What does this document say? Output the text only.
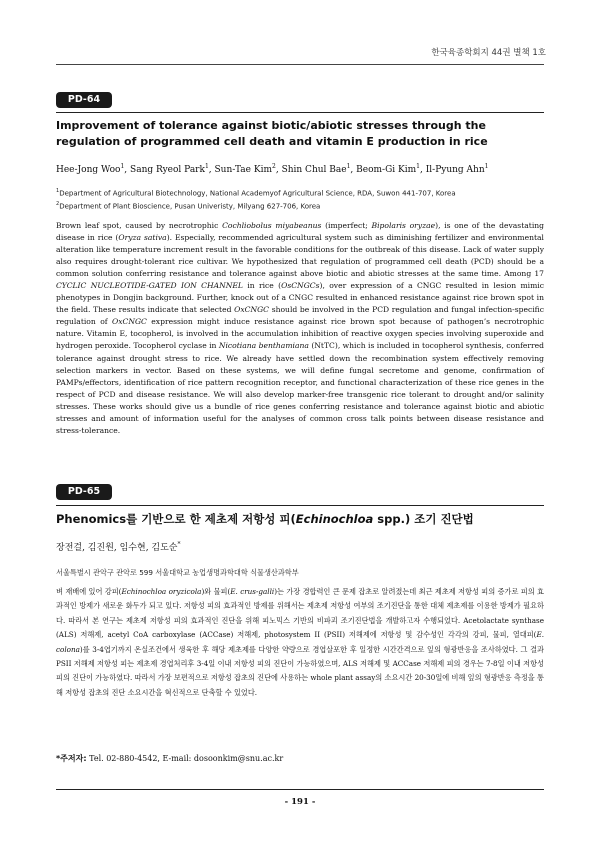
한국육종학회지 44권 별책 1호
PD-64
Improvement of tolerance against biotic/abiotic stresses through the regulation of programmed cell death and vitamin E production in rice
Hee-Jong Woo$^1$, Sang Ryeol Park$^1$, Sun-Tae Kim$^2$, Shin Chul Bae$^1$, Beom-Gi Kim$^1$, Il-Pyung Ahn$^1$
$^1$Department of Agricultural Biotechnology, National Academyof Agricultural Science, RDA, Suwon 441-707, Korea
$^2$Department of Plant Bioscience, Pusan Univeristy, Milyang 627-706, Korea

Brown leaf spot, caused by necrotrophic Cochliobolus miyabeanus (imperfect; Bipolaris oryzae), is one of the devastating disease in rice (Oryza sativa). Especially, recommended agricultural system such as diminishing fertilizer and environmental alteration like temperature increment result in the favorable conditions for the outbreak of this disease. Lack of water supply also requires drought-tolerant rice cultivar. We hypothesized that regulation of programmed cell death (PCD) should be a common solution conferring resistance and tolerance against above biotic and abiotic stresses at the same time. Among 17 CYCLIC NUCLEOTIDE-GATED ION CHANNEL in rice (OsCNGCs), over expression of a CNGC resulted in lesion mimic phenotypes in Dongjin background. Further, knock out of a CNGC resulted in enhanced resistance against rice brown spot in the field. These results indicate that selected OxCNGC should be involved in the PCD regulation and fungal infection-specific regulation of OxCNGC expression might induce resistance against rice brown spot because of pathogen’s necrotrophic nature. Vitamin E, tocopherol, is involved in the accumulation inhibition of reactive oxygen species involving superoxide and hydrogen peroxide. Tocopherol cyclase in Nicotiana benthamiana (NtTC), which is included in tocopherol synthesis, conferred tolerance against drought stress to rice. We already have settled down the recombination system effectively removing selection markers in vector. Based on these systems, we will define fungal secretome and genome, confirmation of PAMPs/effectors, identification of rice pattern recognition receptor, and functional characterization of these rice genes in the respect of PCD and disease resistance. We will also develop marker-free transgenic rice tolerant to drought and/or salinity stresses. These works should give us a bundle of rice genes conferring resistance and tolerance against biotic and abiotic stresses and amount of information useful for the analyses of common cross talk points between disease resistance and stress-tolerance.

PD-65
Phenomics를 기반으로 한 제초제 저항성 피(Echinochloa spp.) 조기 진단법
장전걸, 김진원, 임수현, 김도순*
서울특별시 관악구 관악로 599 서울대학교 농업생명과학대학 식물생산과학부

벼 재배에 있어 강피(Echinochloa oryzicola)와 물피(E. crus-galli)는 가장 경합력인 큰 문제 잡초로 알려졌는데 최근 제초제 저항성 피의 증가로 피의 효과적인 방제가 새로운 화두가 되고 있다. 저항성 피의 효과적인 방제를 위해서는 제초제 저항성 여부의 조기진단을 통한 대체 제초제를 이용한 방제가 필요하다. 따라서 본 연구는 제초제 저항성 피의 효과적인 진단을 위해 피노믹스 기반의 비파괴 조기진단법을 개발하고자 수행되었다. Acetolactate synthase (ALS) 저해제, acetyl CoA carboxylase (ACCase) 저해제, photosystem II (PSII) 저해제에 저항성 및 감수성인 각각의 강피, 물피, 열대피(E. colona)를 3-4엽기까지 온실조건에서 생육한 후 해당 제초제를 다양한 약량으로 경엽살포한 후 일정한 시간간격으로 잎의 형광반응을 조사하였다. 그 결과 PSII 저해제 저항성 피는 제초제 경엽처리후 3-4일 이내 저항성 피의 진단이 가능하였으며, ALS 저해제 및 ACCase 저해제 피의 경우는 7-8일 이내 저항성 피의 진단이 가능하였다. 따라서 가장 보편적으로 저항성 잡초의 진단에 사용하는 whole plant assay의 소요시간 20-30일에 비해 잎의 형광반응 측정을 통해 저항성 잡초의 진단 소요시간을 혁신적으로 단축할 수 있었다.

*주저자: Tel. 02-880-4542, E-mail: dosoonkim@snu.ac.kr
- 191 -
